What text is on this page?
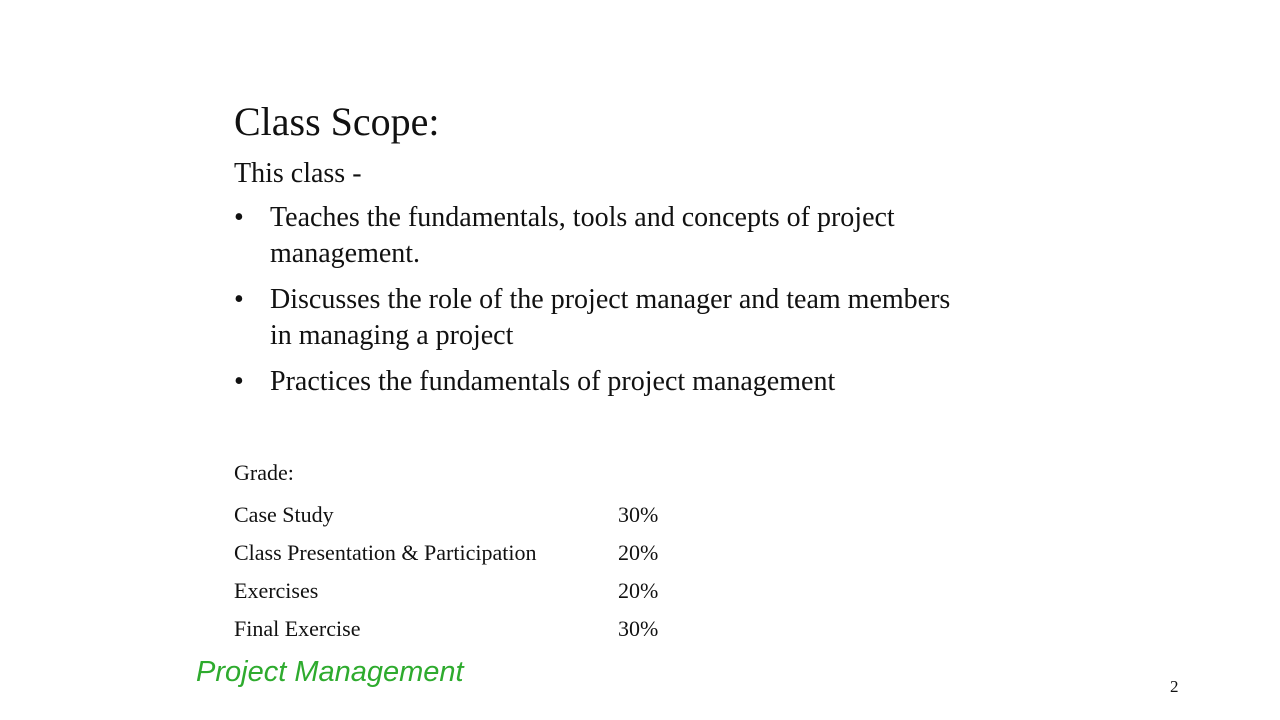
Class Scope:
This class -
• Teaches the fundamentals, tools and concepts of project management.
• Discusses the role of the project manager and team members in managing a project
• Practices the fundamentals of project management
Grade:
Case Study	30%
Class Presentation & Participation	20%
Exercises	20%
Final Exercise	30%
Project Management	2
